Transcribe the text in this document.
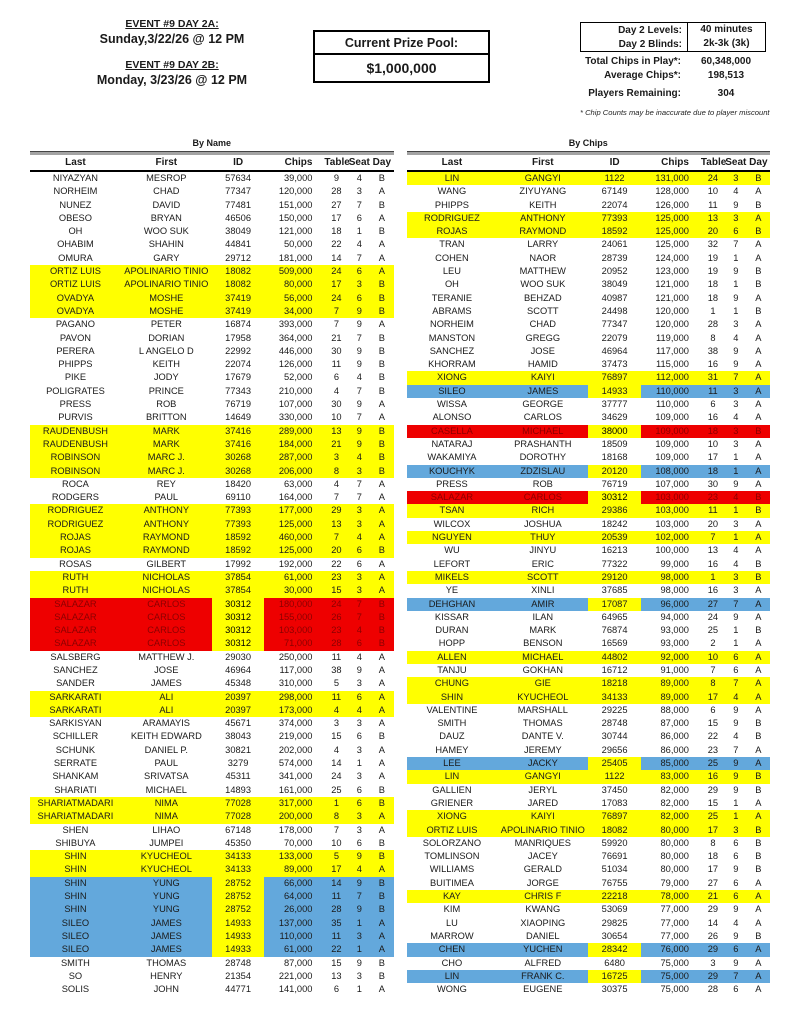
EVENT #9 DAY 2A:
Sunday,3/22/26 @ 12 PM
EVENT #9 DAY 2B:
Monday, 3/23/26 @ 12 PM
Current Prize Pool:
$1,000,000
Day 2 Levels:	40 minutes
Day 2 Blinds:	2k-3k (3k)
Total Chips in Play*:	60,348,000
Average Chips*:	198,513
Players Remaining:	304
* Chip Counts may be inaccurate due to player miscount
By Name
Last	First	ID	Chips	Table	Seat	Day
NIYAZYAN	MESROP	57634	39,000	9	4	B
NORHEIM	CHAD	77347	120,000	28	3	A
NUNEZ	DAVID	77481	151,000	27	7	B
OBESO	BRYAN	46506	150,000	17	6	A
OH	WOO SUK	38049	121,000	18	1	B
OHABIM	SHAHIN	44841	50,000	22	4	A
OMURA	GARY	29712	181,000	14	7	A
ORTIZ LUIS	APOLINARIO TINIO	18082	509,000	24	6	A
ORTIZ LUIS	APOLINARIO TINIO	18082	80,000	17	3	B
OVADYA	MOSHE	37419	56,000	24	6	B
OVADYA	MOSHE	37419	34,000	7	9	B
PAGANO	PETER	16874	393,000	7	9	A
PAVON	DORIAN	17958	364,000	21	7	B
PERERA	L ANGELO D	22992	446,000	30	9	B
PHIPPS	KEITH	22074	126,000	11	9	B
PIKE	JODY	17679	52,000	6	4	B
POLIGRATES	PRINCE	77343	210,000	4	7	B
PRESS	ROB	76719	107,000	30	9	A
PURVIS	BRITTON	14649	330,000	10	7	A
RAUDENBUSH	MARK	37416	289,000	13	9	B
RAUDENBUSH	MARK	37416	184,000	21	9	B
ROBINSON	MARC J.	30268	287,000	3	4	B
ROBINSON	MARC J.	30268	206,000	8	3	B
ROCA	REY	18420	63,000	4	7	A
RODGERS	PAUL	69110	164,000	7	7	A
RODRIGUEZ	ANTHONY	77393	177,000	29	3	A
RODRIGUEZ	ANTHONY	77393	125,000	13	3	A
ROJAS	RAYMOND	18592	460,000	7	4	A
ROJAS	RAYMOND	18592	125,000	20	6	B
ROSAS	GILBERT	17992	192,000	22	6	A
RUTH	NICHOLAS	37854	61,000	23	3	A
RUTH	NICHOLAS	37854	30,000	15	3	A
SALAZAR	CARLOS	30312	180,000	24	7	B
SALAZAR	CARLOS	30312	155,000	26	7	B
SALAZAR	CARLOS	30312	103,000	23	4	B
SALAZAR	CARLOS	30312	71,000	28	6	B
SALSBERG	MATTHEW J.	29030	250,000	11	4	A
SANCHEZ	JOSE	46964	117,000	38	9	A
SANDER	JAMES	45348	310,000	5	3	A
SARKARATI	ALI	20397	298,000	11	6	A
SARKARATI	ALI	20397	173,000	4	4	A
SARKISYAN	ARAMAYIS	45671	374,000	3	3	A
SCHILLER	KEITH EDWARD	38043	219,000	15	6	B
SCHUNK	DANIEL P.	30821	202,000	4	3	A
SERRATE	PAUL	3279	574,000	14	1	A
SHANKAM	SRIVATSA	45311	341,000	24	3	A
SHARIATI	MICHAEL	14893	161,000	25	6	B
SHARIATMADARI	NIMA	77028	317,000	1	6	B
SHARIATMADARI	NIMA	77028	200,000	8	3	A
SHEN	LIHAO	67148	178,000	7	3	A
SHIBUYA	JUMPEI	45350	70,000	10	6	B
SHIN	KYUCHEOL	34133	133,000	5	9	B
SHIN	KYUCHEOL	34133	89,000	17	4	A
SHIN	YUNG	28752	66,000	14	9	B
SHIN	YUNG	28752	64,000	11	7	B
SHIN	YUNG	28752	26,000	28	9	B
SILEO	JAMES	14933	137,000	35	1	A
SILEO	JAMES	14933	110,000	11	3	A
SILEO	JAMES	14933	61,000	22	1	A
SMITH	THOMAS	28748	87,000	15	9	B
SO	HENRY	21354	221,000	13	3	B
SOLIS	JOHN	44771	141,000	6	1	A
By Chips
Last	First	ID	Chips	Table	Seat	Day
LIN	GANGYI	1122	131,000	24	3	B
WANG	ZIYUYANG	67149	128,000	10	4	A
PHIPPS	KEITH	22074	126,000	11	9	B
RODRIGUEZ	ANTHONY	77393	125,000	13	3	A
ROJAS	RAYMOND	18592	125,000	20	6	B
TRAN	LARRY	24061	125,000	32	7	A
COHEN	NAOR	28739	124,000	19	1	A
LEU	MATTHEW	20952	123,000	19	9	B
OH	WOO SUK	38049	121,000	18	1	B
TERANIE	BEHZAD	40987	121,000	18	9	A
ABRAMS	SCOTT	24498	120,000	1	1	B
NORHEIM	CHAD	77347	120,000	28	3	A
MANSTON	GREGG	22079	119,000	8	4	A
SANCHEZ	JOSE	46964	117,000	38	9	A
KHORRAM	HAMID	37473	115,000	16	9	A
XIONG	KAIYI	76897	112,000	31	7	A
SILEO	JAMES	14933	110,000	11	3	A
WISSA	GEORGE	37777	110,000	6	3	A
ALONSO	CARLOS	34629	109,000	16	4	A
CASELLA	MICHAEL	38000	109,000	18	3	B
NATARAJ	PRASHANTH	18509	109,000	10	3	A
WAKAMIYA	DOROTHY	18168	109,000	17	1	A
KOUCHYK	ZDZISLAU	20120	108,000	18	1	A
PRESS	ROB	76719	107,000	30	9	A
SALAZAR	CARLOS	30312	103,000	23	4	B
TSAN	RICH	29386	103,000	11	1	B
WILCOX	JOSHUA	18242	103,000	20	3	A
NGUYEN	THUY	20539	102,000	7	1	A
WU	JINYU	16213	100,000	13	4	A
LEFORT	ERIC	77322	99,000	16	4	B
MIKELS	SCOTT	29120	98,000	1	3	B
YE	XINLI	37685	98,000	16	3	A
DEHGHAN	AMIR	17087	96,000	27	7	A
KISSAR	ILAN	64965	94,000	24	9	A
DURAN	MARK	76874	93,000	25	1	B
HOPP	BENSON	16569	93,000	2	1	A
ALLEN	MICHAEL	44802	92,000	10	6	A
TANJU	GOKHAN	16712	91,000	7	6	A
CHUNG	GIE	18218	89,000	8	7	A
SHIN	KYUCHEOL	34133	89,000	17	4	A
VALENTINE	MARSHALL	29225	88,000	6	9	A
SMITH	THOMAS	28748	87,000	15	9	B
DAUZ	DANTE V.	30744	86,000	22	4	B
HAMEY	JEREMY	29656	86,000	23	7	A
LEE	JACKY	25405	85,000	25	9	A
LIN	GANGYI	1122	83,000	16	9	B
GALLIEN	JERYL	37450	82,000	29	9	B
GRIENER	JARED	17083	82,000	15	1	A
XIONG	KAIYI	76897	82,000	25	1	A
ORTIZ LUIS	APOLINARIO TINIO	18082	80,000	17	3	B
SOLORZANO	MANRIQUES	59920	80,000	8	6	B
TOMLINSON	JACEY	76691	80,000	18	6	B
WILLIAMS	GERALD	51034	80,000	17	9	B
BUITIMEA	JORGE	76755	79,000	27	6	A
KAY	CHRIS F	22218	78,000	21	6	A
KIM	KWANG	53069	77,000	29	9	A
LU	XIAOPING	29825	77,000	14	4	A
MARROW	DANIEL	30654	77,000	26	9	B
CHEN	YUCHEN	28342	76,000	29	6	A
CHO	ALFRED	6480	75,000	3	9	A
LIN	FRANK C.	16725	75,000	29	7	A
WONG	EUGENE	30375	75,000	28	6	A
